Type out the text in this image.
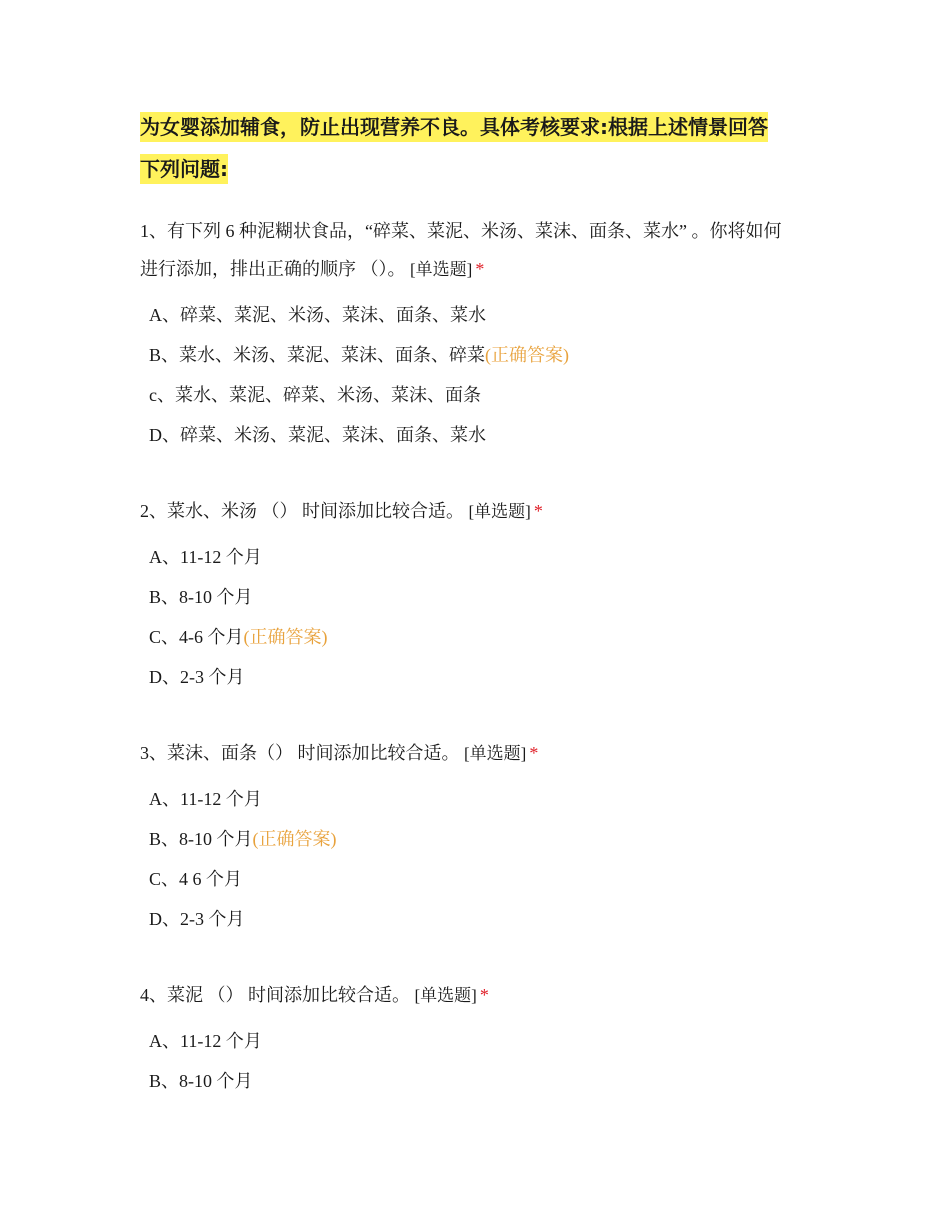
为女婴添加辅食，防止出现营养不良。具体考核要求:根据上述情景回答
下列问题:

1、有下列 6 种泥糊状食品，“碎菜、菜泥、米汤、菜沫、面条、菜水” 。你将如何
进行添加，排出正确的顺序 （）。 [单选题] *

A、碎菜、菜泥、米汤、菜沫、面条、菜水
B、菜水、米汤、菜泥、菜沫、面条、碎菜(正确答案)
c、菜水、菜泥、碎菜、米汤、菜沫、面条
D、碎菜、米汤、菜泥、菜沫、面条、菜水

2、菜水、米汤 （） 时间添加比较合适。 [单选题] *

A、11-12 个月
B、8-10 个月
C、4-6 个月(正确答案)
D、2-3 个月

3、菜沫、面条（） 时间添加比较合适。 [单选题] *

A、11-12 个月
B、8-10 个月(正确答案)
C、4 6 个月
D、2-3 个月

4、菜泥 （） 时间添加比较合适。 [单选题] *

A、11-12 个月
B、8-10 个月
